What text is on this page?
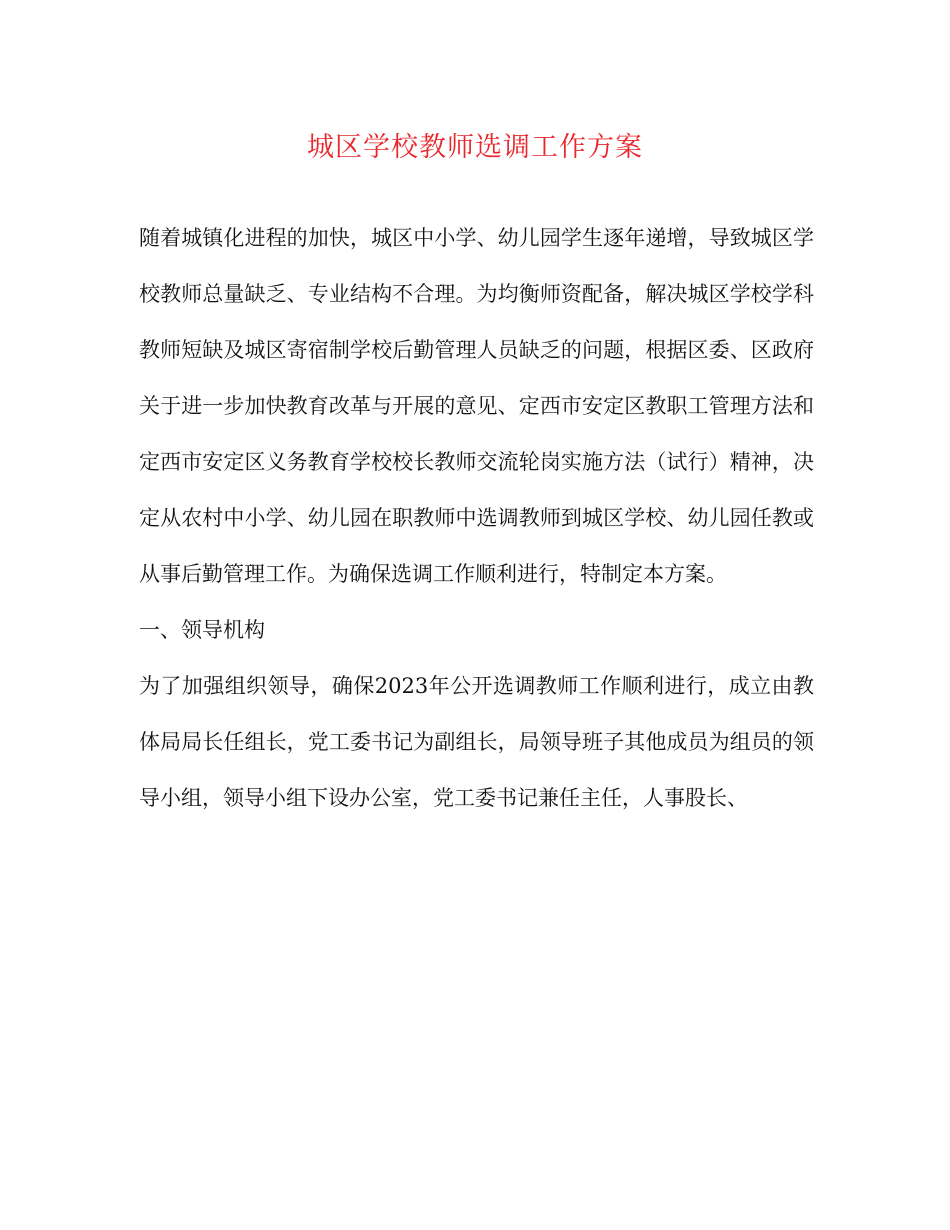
城区学校教师选调工作方案

随着城镇化进程的加快，城区中小学、幼儿园学生逐年递增，导致城区学校教师总量缺乏、专业结构不合理。为均衡师资配备，解决城区学校学科教师短缺及城区寄宿制学校后勤管理人员缺乏的问题，根据区委、区政府关于进一步加快教育改革与开展的意见、定西市安定区教职工管理方法和定西市安定区义务教育学校校长教师交流轮岗实施方法（试行）精神，决定从农村中小学、幼儿园在职教师中选调教师到城区学校、幼儿园任教或从事后勤管理工作。为确保选调工作顺利进行，特制定本方案。

一、领导机构

为了加强组织领导，确保2023年公开选调教师工作顺利进行，成立由教体局局长任组长，党工委书记为副组长，局领导班子其他成员为组员的领导小组，领导小组下设办公室，党工委书记兼任主任，人事股长、
